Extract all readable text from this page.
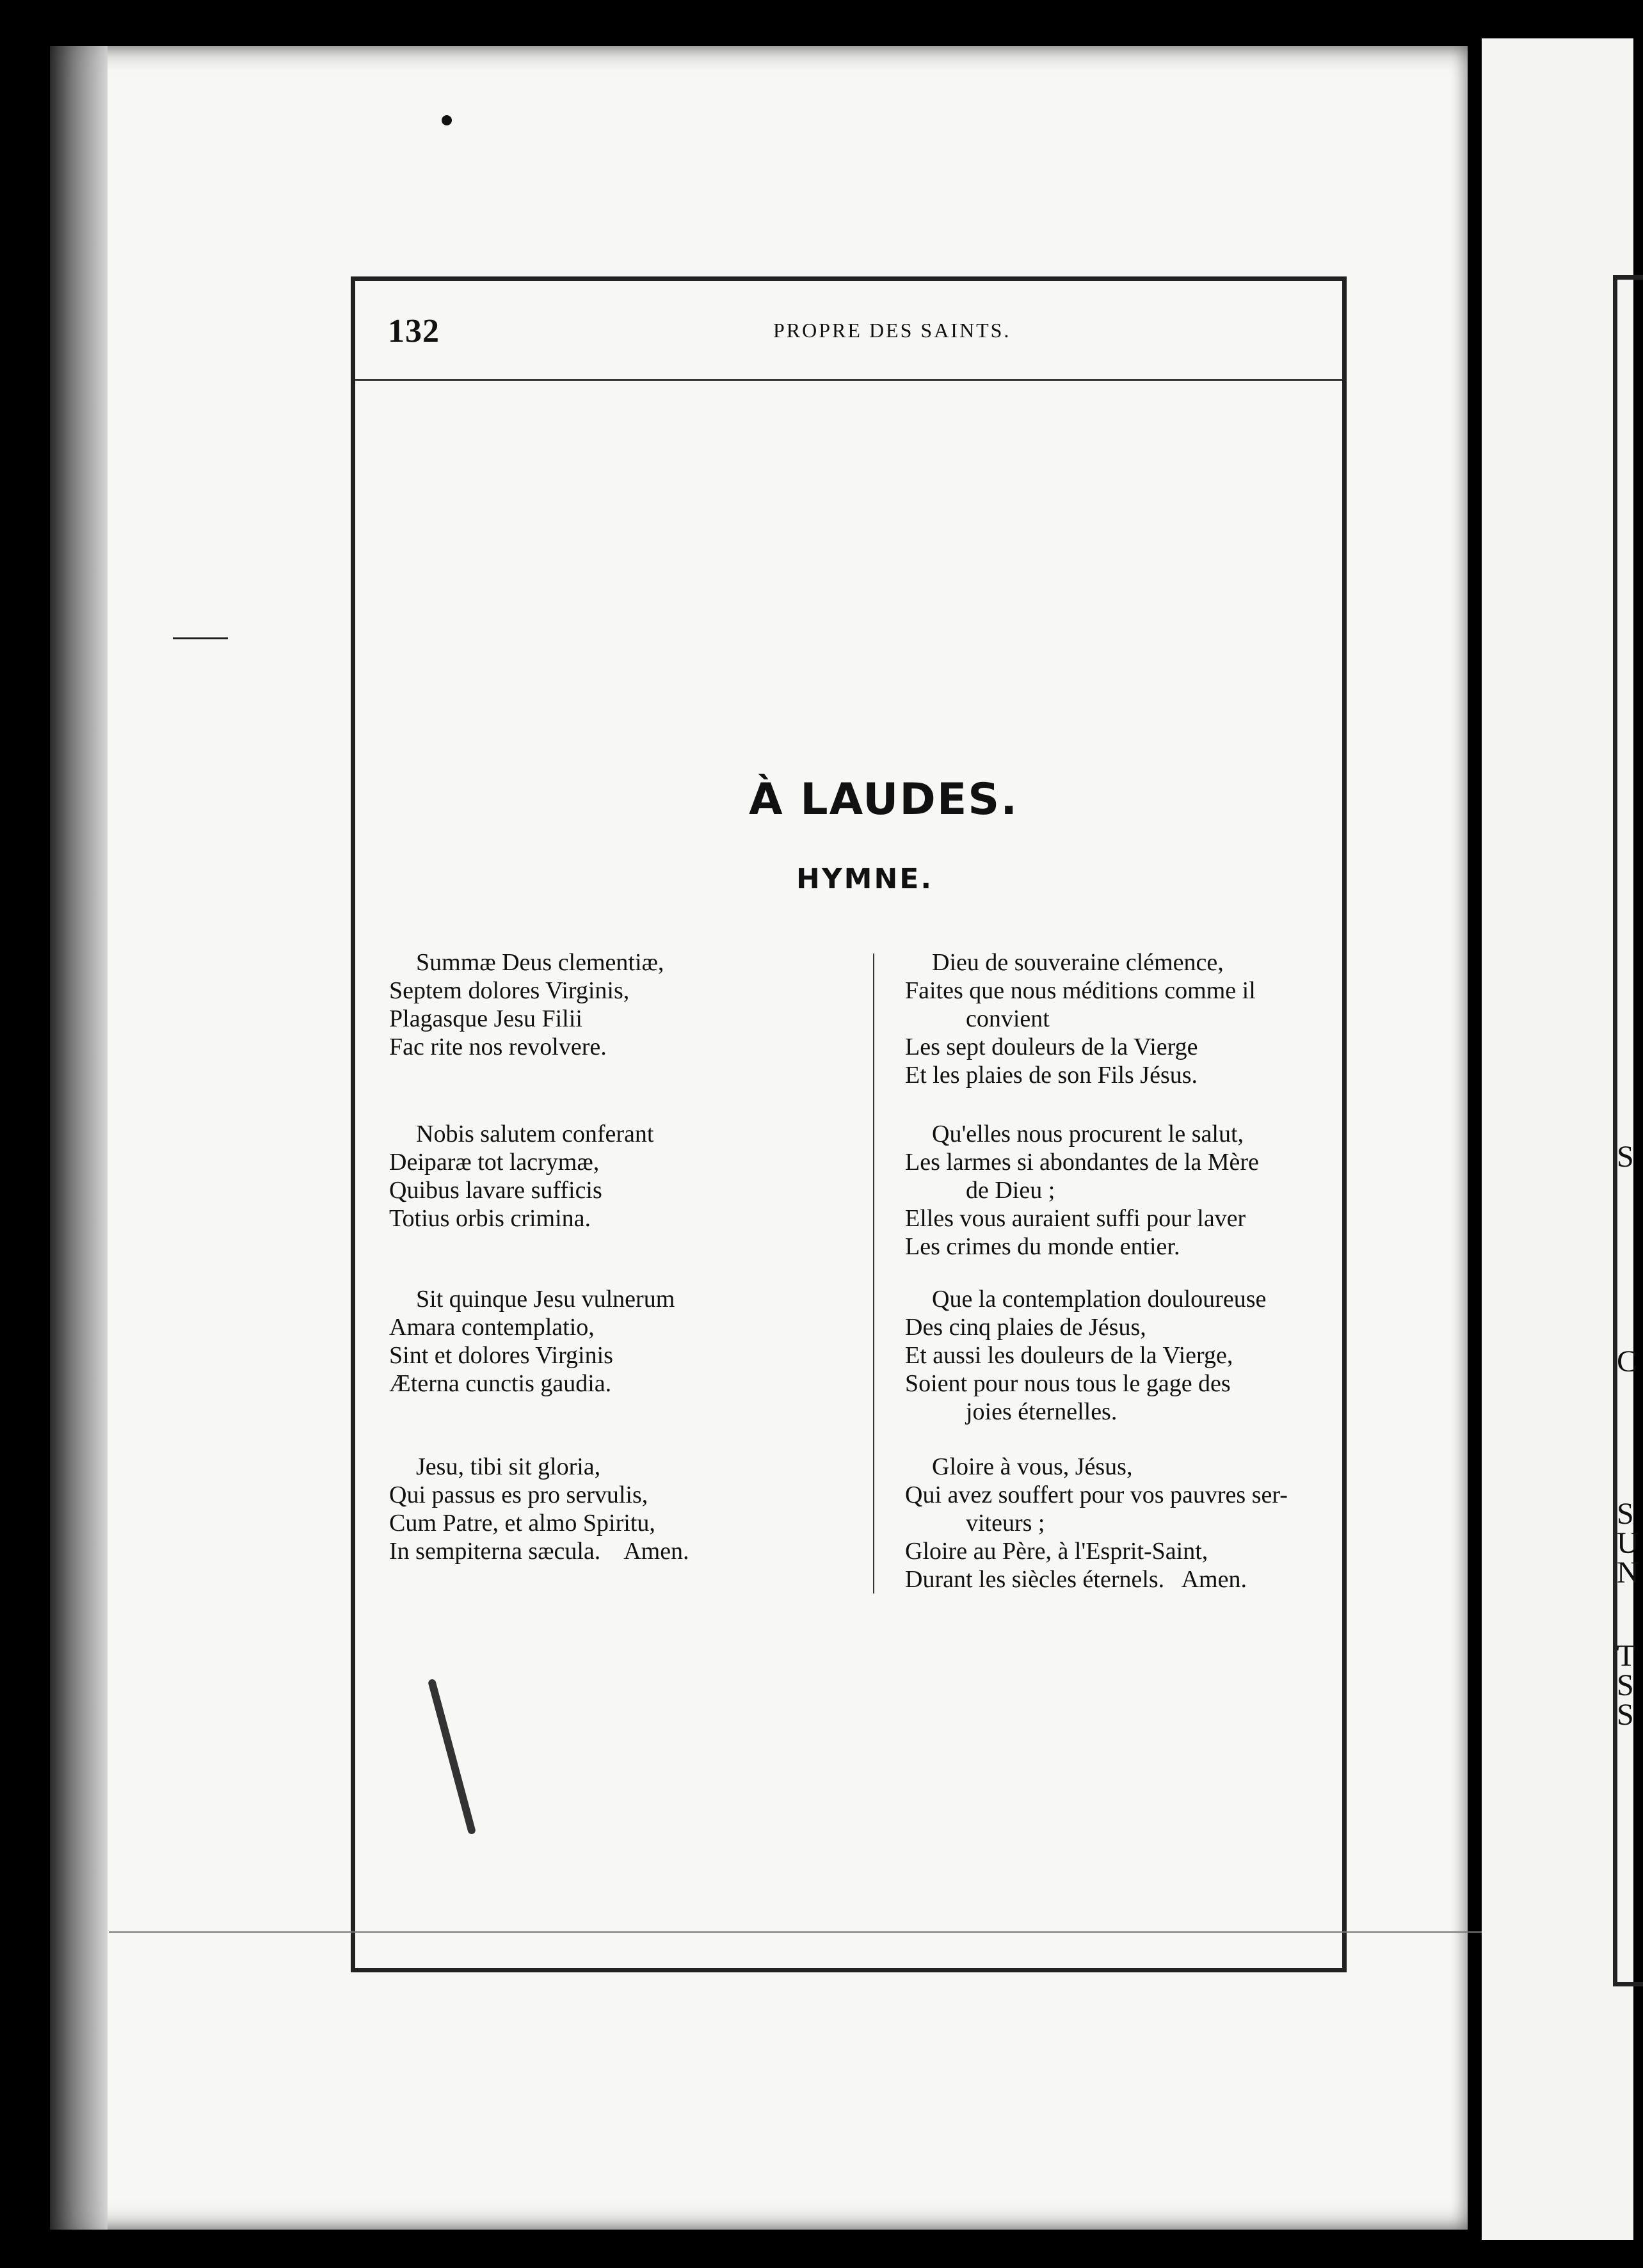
S
C
S
U
N
T
S
S
132	PROPRE DES SAINTS.
À LAUDES.
HYMNE.
Summæ Deus clementiæ,
Septem dolores Virginis,
Plagasque Jesu Filii
Fac rite nos revolvere.
Nobis salutem conferant
Deiparæ tot lacrymæ,
Quibus lavare sufficis
Totius orbis crimina.
Sit quinque Jesu vulnerum
Amara contemplatio,
Sint et dolores Virginis
Æterna cunctis gaudia.
Jesu, tibi sit gloria,
Qui passus es pro servulis,
Cum Patre, et almo Spiritu,
In sempiterna sæcula.    Amen.
Dieu de souveraine clémence,
Faites que nous méditions comme il
convient
Les sept douleurs de la Vierge
Et les plaies de son Fils Jésus.
Qu'elles nous procurent le salut,
Les larmes si abondantes de la Mère
de Dieu ;
Elles vous auraient suffi pour laver
Les crimes du monde entier.
Que la contemplation douloureuse
Des cinq plaies de Jésus,
Et aussi les douleurs de la Vierge,
Soient pour nous tous le gage des
joies éternelles.
Gloire à vous, Jésus,
Qui avez souffert pour vos pauvres ser-
viteurs ;
Gloire au Père, à l'Esprit-Saint,
Durant les siècles éternels.   Amen.
